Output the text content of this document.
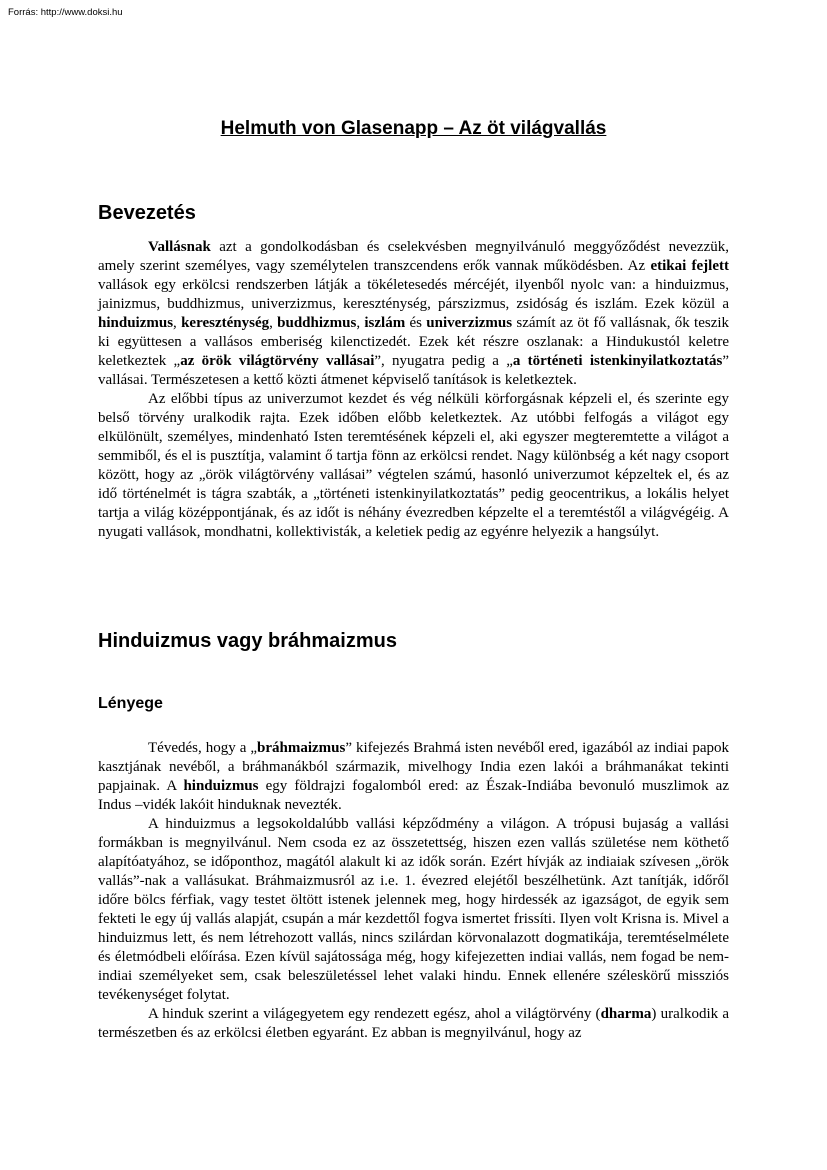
Forrás: http://www.doksi.hu
Helmuth von Glasenapp – Az öt világvallás
Bevezetés

Vallásnak azt a gondolkodásban és cselekvésben megnyilvánuló meggyőződést nevezzük, amely szerint személyes, vagy személytelen transzcendens erők vannak működésben. Az etikai fejlett vallások egy erkölcsi rendszerben látják a tökéletesedés mércéjét, ilyenből nyolc van: a hinduizmus, jainizmus, buddhizmus, univerzizmus, kereszténység, párszizmus, zsidóság és iszlám. Ezek közül a hinduizmus, kereszténység, buddhizmus, iszlám és univerzizmus számít az öt fő vallásnak, ők teszik ki együttesen a vallásos emberiség kilenctizedét. Ezek két részre oszlanak: a Hindukustól keletre keletkeztek „az örök világtörvény vallásai”, nyugatra pedig a „a történeti istenkinyilatkoztatás” vallásai. Természetesen a kettő közti átmenet képviselő tanítások is keletkeztek.

Az előbbi típus az univerzumot kezdet és vég nélküli körforgásnak képzeli el, és szerinte egy belső törvény uralkodik rajta. Ezek időben előbb keletkeztek. Az utóbbi felfogás a világot egy elkülönült, személyes, mindenható Isten teremtésének képzeli el, aki egyszer megteremtette a világot a semmiből, és el is pusztítja, valamint ő tartja fönn az erkölcsi rendet. Nagy különbség a két nagy csoport között, hogy az „örök világtörvény vallásai” végtelen számú, hasonló univerzumot képzeltek el, és az idő történelmét is tágra szabták, a „történeti istenkinyilatkoztatás” pedig geocentrikus, a lokális helyet tartja a világ középpontjának, és az időt is néhány évezredben képzelte el a teremtéstől a világvégéig. A nyugati vallások, mondhatni, kollektivisták, a keletiek pedig az egyénre helyezik a hangsúlyt.

Hinduizmus vagy bráhmaizmus
Lényege

Tévedés, hogy a „bráhmaizmus” kifejezés Brahmá isten nevéből ered, igazából az indiai papok kasztjának nevéből, a bráhmanákból származik, mivelhogy India ezen lakói a bráhmanákat tekinti papjainak. A hinduizmus egy földrajzi fogalomból ered: az Észak-Indiába bevonuló muszlimok az Indus –vidék lakóit hinduknak nevezték.

A hinduizmus a legsokoldalúbb vallási képződmény a világon. A trópusi bujaság a vallási formákban is megnyilvánul. Nem csoda ez az összetettség, hiszen ezen vallás születése nem köthető alapítóatyához, se időponthoz, magától alakult ki az idők során. Ezért hívják az indiaiak szívesen „örök vallás”-nak a vallásukat. Bráhmaizmusról az i.e. 1. évezred elejétől beszélhetünk. Azt tanítják, időről időre bölcs férfiak, vagy testet öltött istenek jelennek meg, hogy hirdessék az igazságot, de egyik sem fekteti le egy új vallás alapját, csupán a már kezdettől fogva ismertet frissíti. Ilyen volt Krisna is. Mivel a hinduizmus lett, és nem létrehozott vallás, nincs szilárdan körvonalazott dogmatikája, teremtéselmélete és életmódbeli előírása. Ezen kívül sajátossága még, hogy kifejezetten indiai vallás, nem fogad be nem-indiai személyeket sem, csak beleszületéssel lehet valaki hindu. Ennek ellenére széleskörű missziós tevékenységet folytat.

A hinduk szerint a világegyetem egy rendezett egész, ahol a világtörvény (dharma) uralkodik a természetben és az erkölcsi életben egyaránt. Ez abban is megnyilvánul, hogy az
